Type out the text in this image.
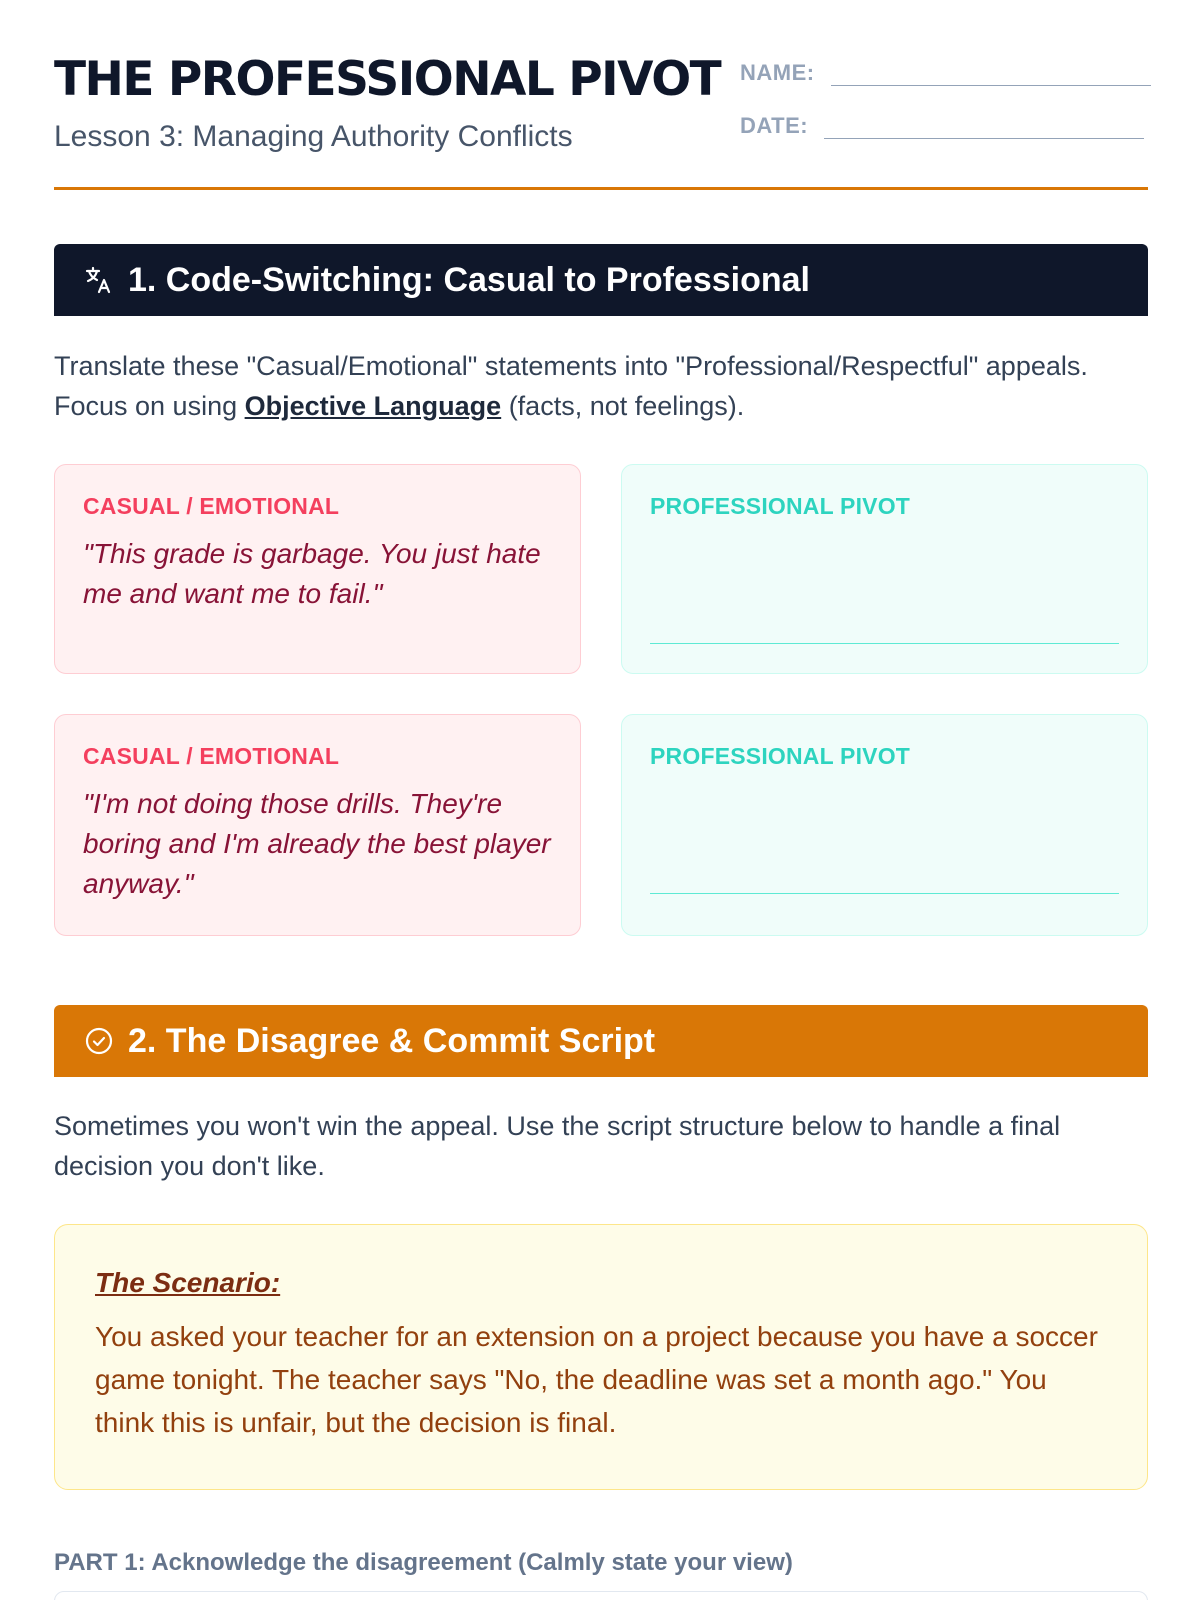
THE PROFESSIONAL PIVOT
Lesson 3: Managing Authority Conflicts
NAME:
DATE:
1. Code-Switching: Casual to Professional
Translate these "Casual/Emotional" statements into "Professional/Respectful" appeals. Focus on using Objective Language (facts, not feelings).
CASUAL / EMOTIONAL
"This grade is garbage. You just hate me and want me to fail."
PROFESSIONAL PIVOT
CASUAL / EMOTIONAL
"I'm not doing those drills. They're boring and I'm already the best player anyway."
PROFESSIONAL PIVOT
2. The Disagree & Commit Script
Sometimes you won't win the appeal. Use the script structure below to handle a final decision you don't like.
The Scenario:
You asked your teacher for an extension on a project because you have a soccer game tonight. The teacher says "No, the deadline was set a month ago." You think this is unfair, but the decision is final.
PART 1: Acknowledge the disagreement (Calmly state your view)
